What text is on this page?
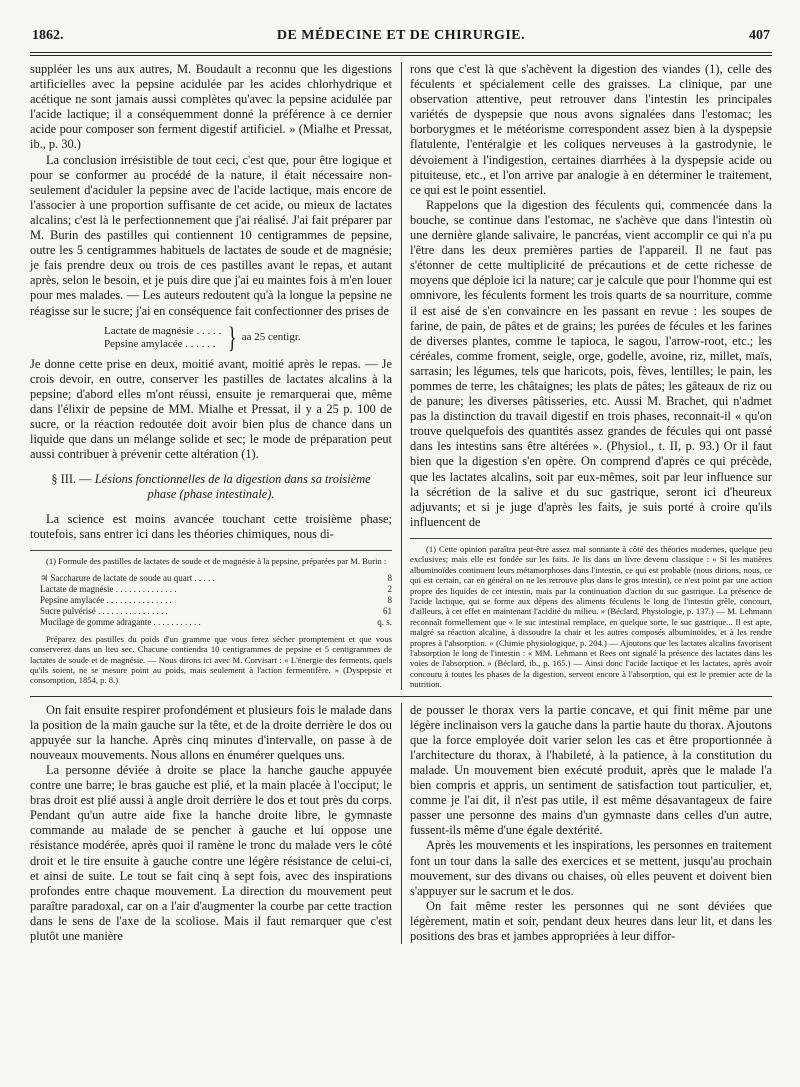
1862.	DE MÉDECINE ET DE CHIRURGIE.	407

suppléer les uns aux autres, M. Boudault a reconnu que les digestions artificielles avec la pepsine acidulée par les acides chlorhydrique et acétique ne sont jamais aussi complètes qu'avec la pepsine acidulée par l'acide lactique; il a conséquemment donné la préférence à ce dernier acide pour composer son ferment digestif artificiel. » (Mialhe et Pressat, ib., p. 30.)

La conclusion irrésistible de tout ceci, c'est que, pour être logique et pour se conformer au procédé de la nature, il était nécessaire non-seulement d'aciduler la pepsine avec de l'acide lactique, mais encore de l'associer à une proportion suffisante de cet acide, ou mieux de lactates alcalins; c'est là le perfectionnement que j'ai réalisé. J'ai fait préparer par M. Burin des pastilles qui contiennent 10 centigrammes de pepsine, outre les 5 centigrammes habituels de lactates de soude et de magnésie; je fais prendre deux ou trois de ces pastilles avant le repas, et autant après, selon le besoin, et je puis dire que j'ai eu maintes fois à m'en louer pour mes malades. — Les auteurs redoutent qu'à la longue la pepsine ne réagisse sur le sucre; j'ai en conséquence fait confectionner des prises de

Lactate de magnésie . . . . .
Pepsine amylacée . . . . . . } aa 25 centigr.

Je donne cette prise en deux, moitié avant, moitié après le repas. — Je crois devoir, en outre, conserver les pastilles de lactates alcalins à la pepsine; d'abord elles m'ont réussi, ensuite je remarquerai que, même dans l'élixir de pepsine de MM. Mialhe et Pressat, il y a 25 p. 100 de sucre, or la réaction redoutée doit avoir bien plus de chance dans un liquide que dans un mélange solide et sec; le mode de préparation peut aussi contribuer à prévenir cette altération (1).

§ III. — Lésions fonctionnelles de la digestion dans sa troisième phase (phase intestinale).

La science est moins avancée touchant cette troisième phase; toutefois, sans entrer ici dans les théories chimiques, nous di-

(1) Formule des pastilles de lactates de soude et de magnésie à la pepsine, préparées par M. Burin :

♃ Saccharure de lactate de soude au quart . . . . .	8
Lactate de magnésie . . . . . . . . . . . . . .	2
Pepsine amylacée . . . . . . . . . . . . . . .	8
Sucre pulvérisé . . . . . . . . . . . . . . . .	61
Mucilage de gomme adragante . . . . . . . . . . .	q. s.

Préparez des pastilles du poids d'un gramme que vous ferez sécher promptement et que vous conserverez dans un lieu sec. Chacune contiendra 10 centigrammes de pepsine et 5 centigrammes de lactates de soude et de magnésie. — Nous dirons ici avec M. Corvisart : « L'énergie des ferments, quels qu'ils soient, ne se mesure point au poids, mais seulement à l'action fermentifère. » (Dyspepsie et consomption, 1854, p. 8.)

rons que c'est là que s'achèvent la digestion des viandes (1), celle des féculents et spécialement celle des graisses. La clinique, par une observation attentive, peut retrouver dans l'intestin les principales variétés de dyspepsie que nous avons signalées dans l'estomac; les borborygmes et le météorisme correspondent assez bien à la dyspepsie flatulente, l'entéralgie et les coliques nerveuses à la gastrodynie, le dévoiement à l'indigestion, certaines diarrhées à la dyspepsie acide ou pituiteuse, etc., et l'on arrive par analogie à en déterminer le traitement, ce qui est le point essentiel.

Rappelons que la digestion des féculents qui, commencée dans la bouche, se continue dans l'estomac, ne s'achève que dans l'intestin où une dernière glande salivaire, le pancréas, vient accomplir ce qui n'a pu l'être dans les deux premières parties de l'appareil. Il ne faut pas s'étonner de cette multiplicité de précautions et de cette richesse de moyens que déploie ici la nature; car je calcule que pour l'homme qui est omnivore, les féculents forment les trois quarts de sa nourriture, comme il est aisé de s'en convaincre en les passant en revue : les soupes de farine, de pain, de pâtes et de grains; les purées de fécules et les farines de diverses plantes, comme le tapioca, le sagou, l'arrow-root, etc.; les céréales, comme froment, seigle, orge, godelle, avoine, riz, millet, maïs, sarrasin; les légumes, tels que haricots, pois, fèves, lentilles; le pain, les pommes de terre, les châtaignes; les plats de pâtes; les gâteaux de riz ou de panure; les diverses pâtisseries, etc. Aussi M. Brachet, qui n'admet pas la distinction du travail digestif en trois phases, reconnait-il « qu'on trouve quelquefois des quantités assez grandes de fécules qui ont passé dans les intestins sans être altérées ». (Physiol., t. II, p. 93.) Or il faut bien que la digestion s'en opère. On comprend d'après ce qui précède, que les lactates alcalins, soit par eux-mêmes, soit par leur influence sur la sécrétion de la salive et du suc gastrique, seront ici d'heureux adjuvants; et si je juge d'après les faits, je suis porté à croire qu'ils influencent de

(1) Cette opinion paraîtra peut-être assez mal sonnante à côté des théories modernes, quelque peu exclusives; mais elle est fondée sur les faits. Je lis dans un livre devenu classique : « Si les matières albuminoïdes continuent leurs métamorphoses dans l'intestin, ce qui est probable (nous dirions, nous, ce qui est certain, car en général on ne les retrouve plus dans le gros intestin), ce n'est point par une action propre des liquides de cet intestin, mais par la continuation d'action du suc gastrique. La présence de l'acide lactique, qui se forme aux dépens des aliments féculents le long de l'intestin grêle, concourt, d'ailleurs, à cet effet en maintenant l'acidité du milieu. » (Béclard, Physiologie, p. 137.) — M. Lehmann reconnaît formellement que « le suc intestinal remplace, en quelque sorte, le suc gastrique... Il est apte, malgré sa réaction alcaline, à dissoudre la chair et les autres composés albuminoïdes, et à les rendre propres à l'absorption. » (Chimie physiologique, p. 204.) — Ajoutons que les lactates alcalins favorisent l'absorption le long de l'intestin : « MM. Lehmann et Rees ont signalé la présence des lactates dans les voies de l'absorption. » (Béclard, ib., p. 165.) — Ainsi donc l'acide lactique et les lactates, après avoir concouru à toutes les phases de la digestion, servent encore à l'absorption, qui est le premier acte de la nutrition.

On fait ensuite respirer profondément et plusieurs fois le malade dans la position de la main gauche sur la tête, et de la droite derrière le dos ou appuyée sur la hanche. Après cinq minutes d'intervalle, on passe à de nouveaux mouvements. Nous allons en énumérer quelques uns.

La personne déviée à droite se place la hanche gauche appuyée contre une barre; le bras gauche est plié, et la main placée à l'occiput; le bras droit est plié aussi à angle droit derrière le dos et tout près du corps. Pendant qu'un autre aide fixe la hanche droite libre, le gymnaste commande au malade de se pencher à gauche et lui oppose une résistance modérée, après quoi il ramène le tronc du malade vers le côté droit et le tire ensuite à gauche contre une légère résistance de celui-ci, et ainsi de suite. Le tout se fait cinq à sept fois, avec des inspirations profondes entre chaque mouvement. La direction du mouvement peut paraître paradoxal, car on a l'air d'augmenter la courbe par cette traction dans le sens de l'axe de la scoliose. Mais il faut remarquer que c'est plutôt une manière

de pousser le thorax vers la partie concave, et qui finit même par une légère inclinaison vers la gauche dans la partie haute du thorax. Ajoutons que la force employée doit varier selon les cas et être proportionnée à l'architecture du thorax, à l'habileté, à la patience, à la constitution du malade. Un mouvement bien exécuté produit, après que le malade l'a bien compris et appris, un sentiment de satisfaction tout particulier, et, comme je l'ai dit, il n'est pas utile, il est même désavantageux de faire passer une personne des mains d'un gymnaste dans celles d'un autre, fussent-ils même d'une égale dextérité.

Après les mouvements et les inspirations, les personnes en traitement font un tour dans la salle des exercices et se mettent, jusqu'au prochain mouvement, sur des divans ou chaises, où elles peuvent et doivent bien s'appuyer sur le sacrum et le dos.

On fait même rester les personnes qui ne sont déviées que légèrement, matin et soir, pendant deux heures dans leur lit, et dans les positions des bras et jambes appropriées à leur diffor-
